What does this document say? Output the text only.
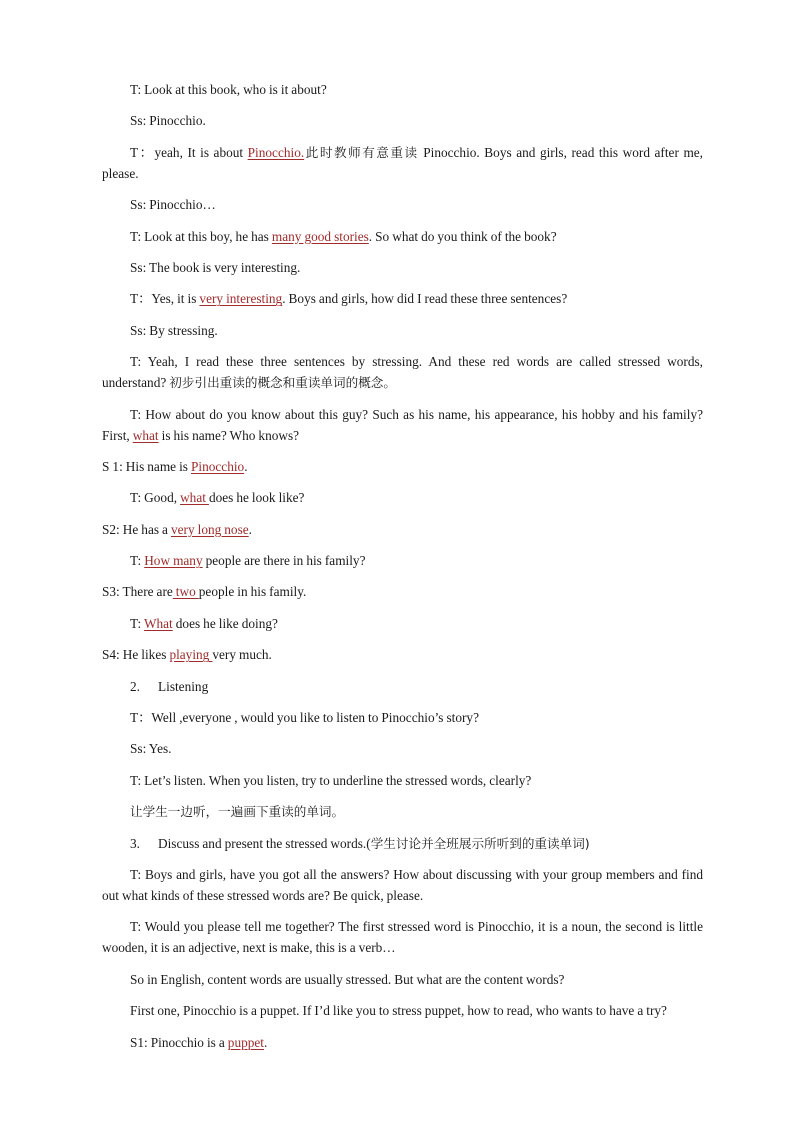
T: Look at this book, who is it about?

Ss: Pinocchio.

T：yeah, It is about Pinocchio.此时教师有意重读 Pinocchio. Boys and girls, read this word after me, please.

Ss: Pinocchio…

T: Look at this boy, he has many good stories. So what do you think of the book?

Ss: The book is very interesting.

T：Yes, it is very interesting. Boys and girls, how did I read these three sentences?

Ss: By stressing.

T: Yeah, I read these three sentences by stressing. And these red words are called stressed words, understand? 初步引出重读的概念和重读单词的概念。

T: How about do you know about this guy? Such as his name, his appearance, his hobby and his family? First, what is his name? Who knows?

S 1: His name is Pinocchio.

T: Good, what does he look like?

S2: He has a very long nose.

T: How many people are there in his family?

S3: There are two people in his family.

T: What does he like doing?

S4: He likes playing very much.

2. Listening

T：Well ,everyone , would you like to listen to Pinocchio’s story?

Ss: Yes.

T: Let’s listen. When you listen, try to underline the stressed words, clearly?

让学生一边听，一遍画下重读的单词。

3. Discuss and present the stressed words.(学生讨论并全班展示所听到的重读单词)

T: Boys and girls, have you got all the answers? How about discussing with your group members and find out what kinds of these stressed words are? Be quick, please.

T: Would you please tell me together? The first stressed word is Pinocchio, it is a noun, the second is little wooden, it is an adjective, next is make, this is a verb…

So in English, content words are usually stressed. But what are the content words?

First one, Pinocchio is a puppet. If I’d like you to stress puppet, how to read, who wants to have a try?

S1: Pinocchio is a puppet.
